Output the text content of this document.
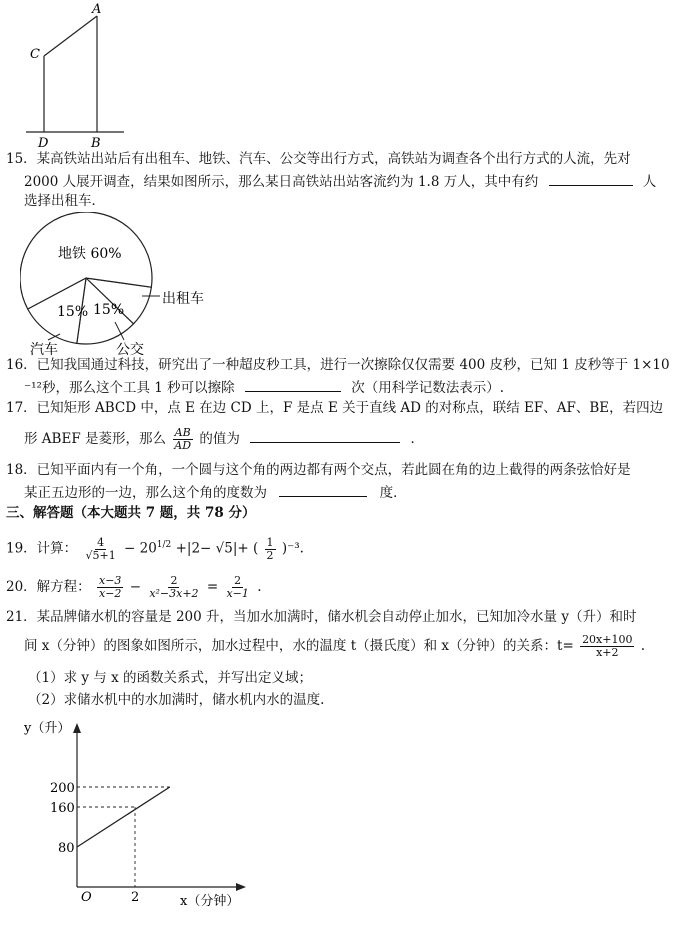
A
C
D	B
15．某高铁站出站后有出租车、地铁、汽车、公交等出行方式，高铁站为调查各个出行方式的人流，先对
2000 人展开调查，结果如图所示，那么某日高铁站出站客流约为 1.8 万人，其中有约	人
选择出租车．
地铁 60%
15% 15%
出租车
汽车	公交
16．已知我国通过科技，研究出了一种超皮秒工具，进行一次擦除仅仅需要 400 皮秒，已知 1 皮秒等于 1×10
⁻¹²秒，那么这个工具 1 秒可以擦除	次（用科学记数法表示）.
17．已知矩形 ABCD 中，点 E 在边 CD 上，F 是点 E 关于直线 AD 的对称点，联结 EF、AF、BE，若四边
形 ABEF 是菱形，那么 $\frac{AB}{AD}$ 的值为	．
18．已知平面内有一个角，一个圆与这个角的两边都有两个交点，若此圆在角的边上截得的两条弦恰好是
某正五边形的一边，那么这个角的度数为	度．
三、解答题（本大题共 7 题，共 78 分）
19．计算： $\frac{4}{√5+1} - 20^{1/2} +|2- √5|+$ ( $\frac{1}{2} )^{-3}$.
20．解方程： $\frac{x-3}{x-2} - \frac{2}{\text{x²−3x+2}} = \frac{2}{x-1}$ .
21．某品牌储水机的容量是 200 升，当加水加满时，储水机会自动停止加水，已知加冷水量 y（升）和时
间 x（分钟）的图象如图所示，加水过程中，水的温度 t（摄氏度）和 x（分钟）的关系：$t= \frac{20x+100}{x+2}$ .
（1）求 y 与 x 的函数关系式，并写出定义域；
（2）求储水机中的水加满时，储水机内水的温度.
y（升）
O	x（分钟）
200
160
80
2
